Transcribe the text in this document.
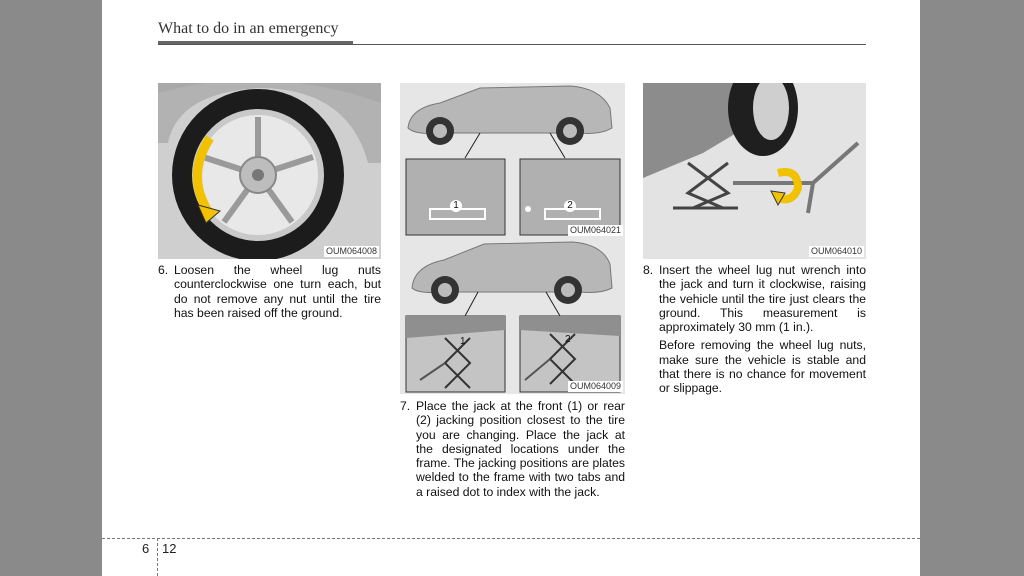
What to do in an emergency
OUM064008
1	2
OUM064021
1	2
OUM064009
OUM064010
6. Loosen the wheel lug nuts counterclockwise one turn each, but do not remove any nut until the tire has been raised off the ground.
7. Place the jack at the front (1) or rear (2) jacking position closest to the tire you are changing. Place the jack at the designated locations under the frame. The jacking positions are plates welded to the frame with two tabs and a raised dot to index with the jack.
8. Insert the wheel lug nut wrench into the jack and turn it clockwise, raising the vehicle until the tire just clears the ground. This measurement is approximately 30 mm (1 in.).
Before removing the wheel lug nuts, make sure the vehicle is stable and that there is no chance for movement or slippage.
6 12
